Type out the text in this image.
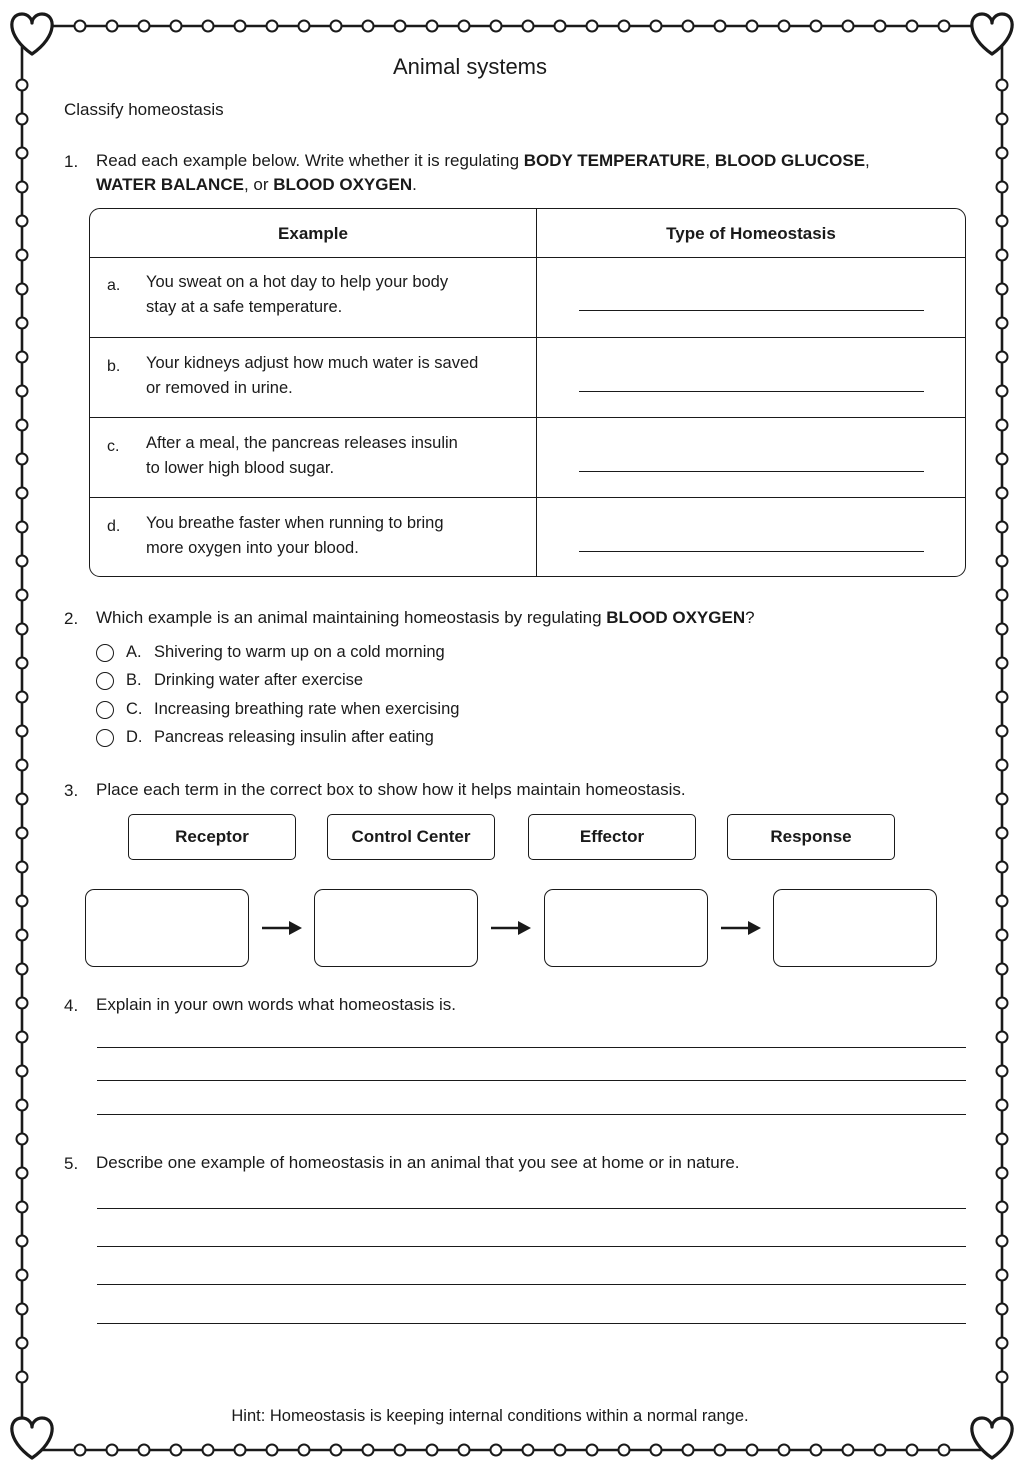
Animal systems
Classify homeostasis
1. Read each example below. Write whether it is regulating BODY TEMPERATURE, BLOOD GLUCOSE,
WATER BALANCE, or BLOOD OXYGEN.
Example	Type of Homeostasis
a. You sweat on a hot day to help your body
stay at a safe temperature.
b. Your kidneys adjust how much water is saved
or removed in urine.
c. After a meal, the pancreas releases insulin
to lower high blood sugar.
d. You breathe faster when running to bring
more oxygen into your blood.
2. Which example is an animal maintaining homeostasis by regulating BLOOD OXYGEN?
A. Shivering to warm up on a cold morning
B. Drinking water after exercise
C. Increasing breathing rate when exercising
D. Pancreas releasing insulin after eating
3. Place each term in the correct box to show how it helps maintain homeostasis.
Receptor	Control Center	Effector	Response
4. Explain in your own words what homeostasis is.
5. Describe one example of homeostasis in an animal that you see at home or in nature.
Hint: Homeostasis is keeping internal conditions within a normal range.
